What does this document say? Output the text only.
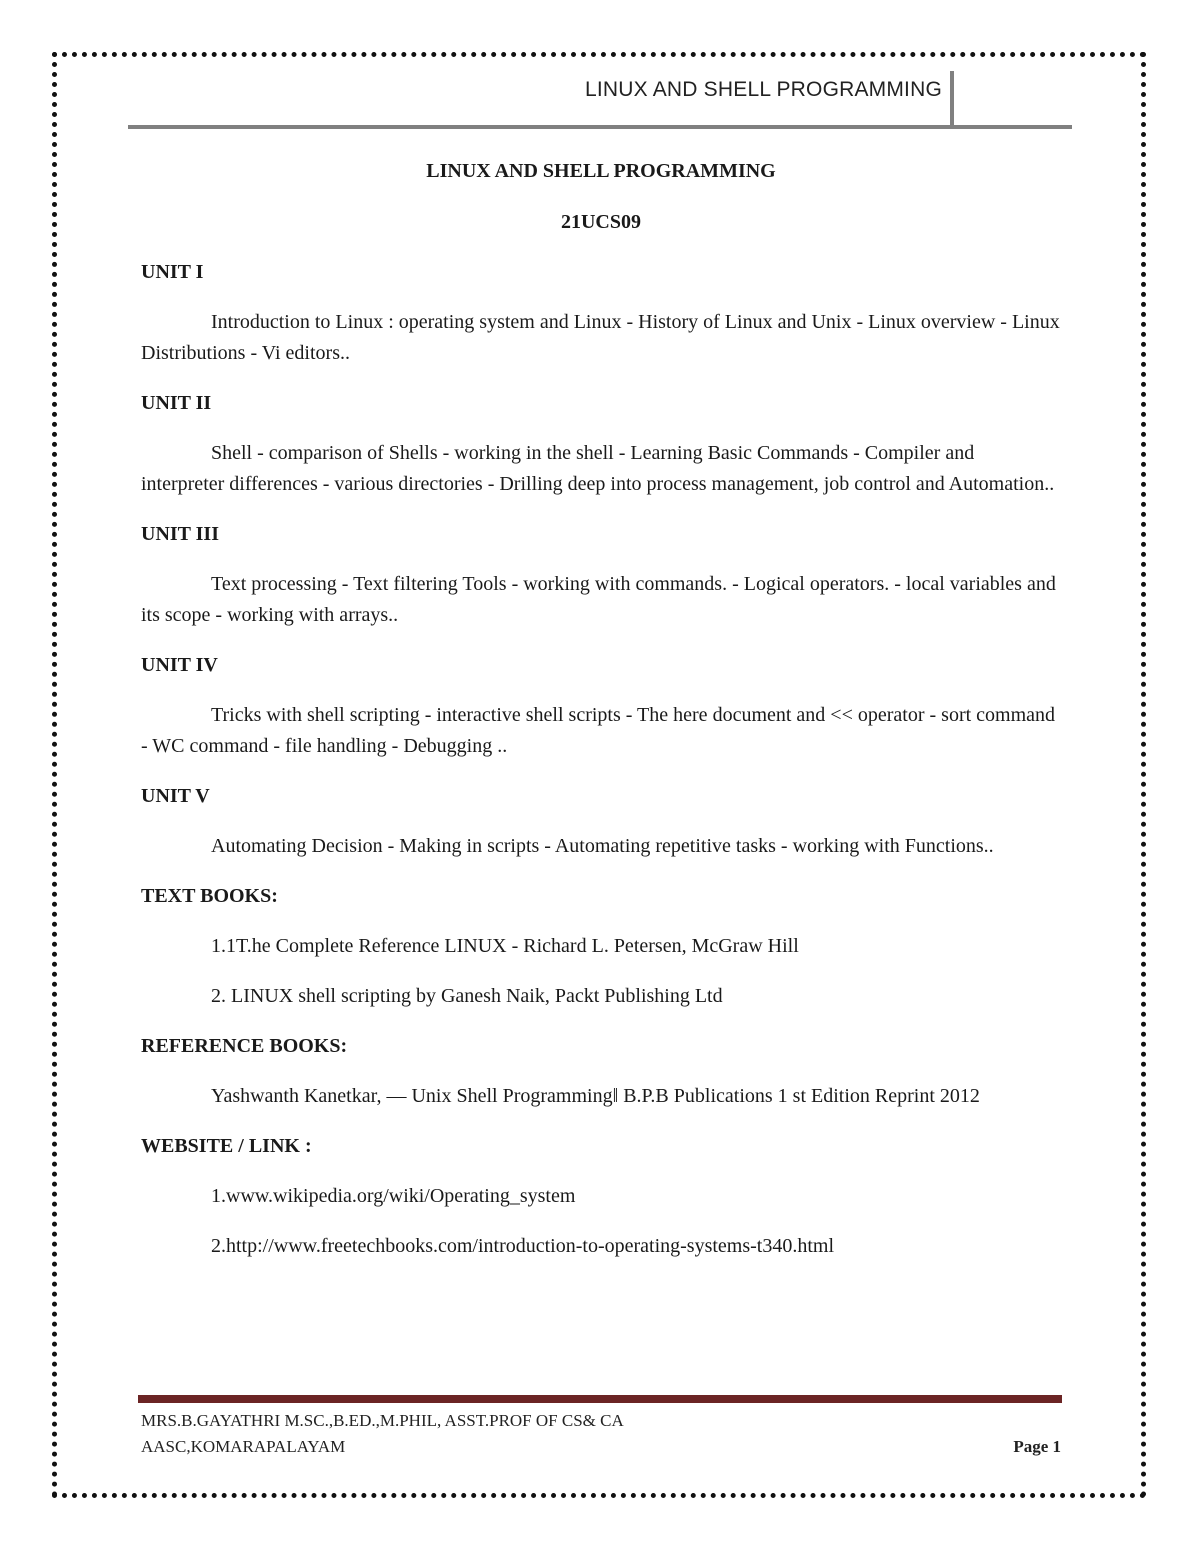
LINUX AND SHELL PROGRAMMING

LINUX AND SHELL PROGRAMMING

21UCS09

UNIT I

Introduction to Linux : operating system and Linux - History of Linux and Unix - Linux overview - Linux Distributions - Vi editors..

UNIT II

Shell - comparison of Shells - working in the shell - Learning Basic Commands - Compiler and interpreter differences - various directories - Drilling deep into process management, job control and Automation..

UNIT III

Text processing - Text filtering Tools - working with commands. - Logical operators. - local variables and its scope - working with arrays..

UNIT IV

Tricks with shell scripting - interactive shell scripts - The here document and << operator - sort command - WC command - file handling - Debugging ..

UNIT V

Automating Decision - Making in scripts - Automating repetitive tasks - working with Functions..

TEXT BOOKS:

1.1T.he Complete Reference LINUX - Richard L. Petersen, McGraw Hill

2. LINUX shell scripting by Ganesh Naik, Packt Publishing Ltd

REFERENCE BOOKS:

Yashwanth Kanetkar, — Unix Shell Programming‖ B.P.B Publications 1 st Edition Reprint 2012

WEBSITE / LINK :

1.www.wikipedia.org/wiki/Operating_system

2.http://www.freetechbooks.com/introduction-to-operating-systems-t340.html

MRS.B.GAYATHRI M.SC.,B.ED.,M.PHIL, ASST.PROF OF CS& CA
AASC,KOMARAPALAYAM	Page 1
